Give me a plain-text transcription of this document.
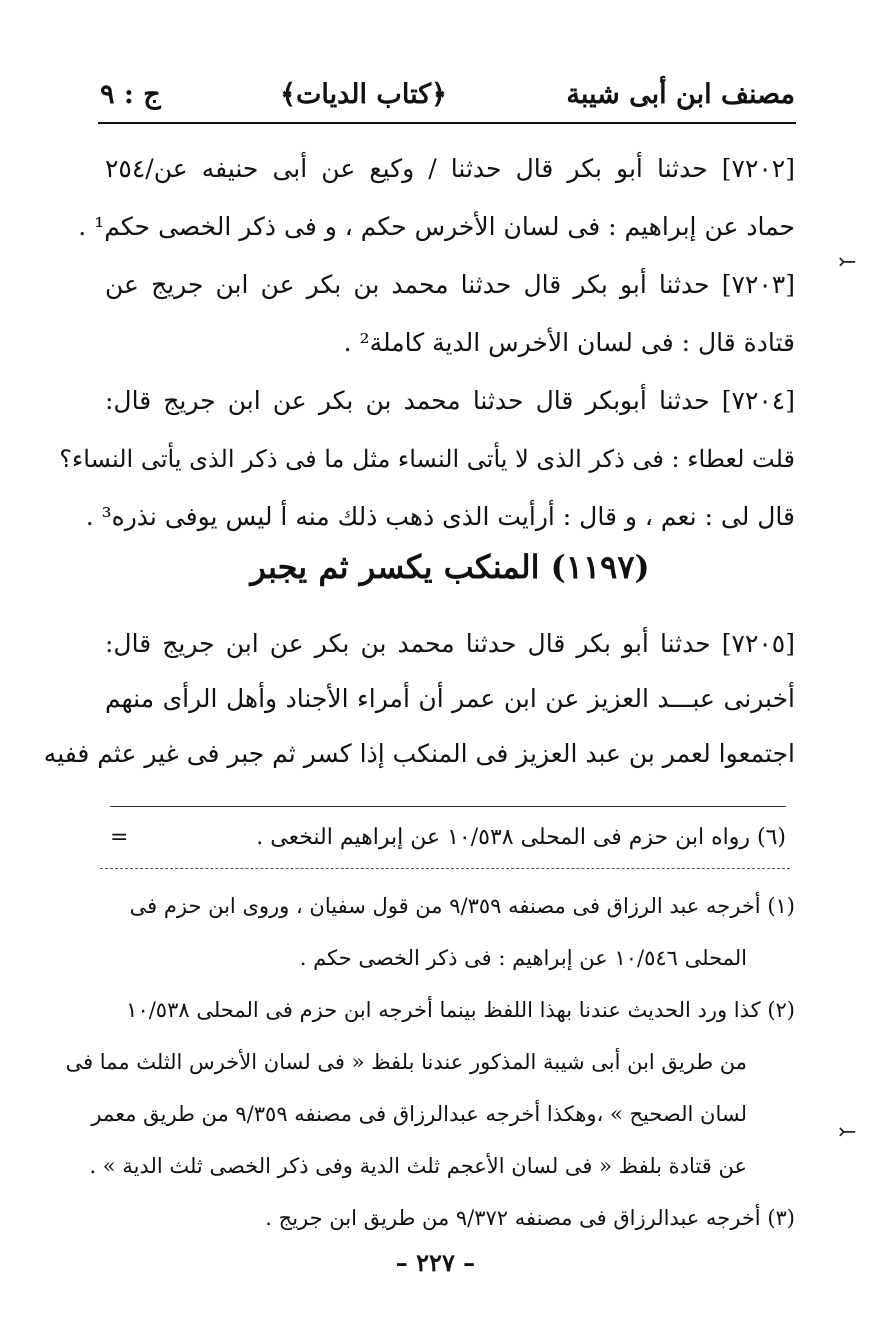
مصنف ابن أبى شيبة
﴿كتاب الديات﴾
ج : ٩
٢٥٤/ [٧٢٠٢] حدثنا أبو بكر قال حدثنا / وكيع عن أبى حنيفه عن
حماد عن إبراهيم : فى لسان الأخرس حكم ، و فى ذكر الخصى حكم¹ .
[٧٢٠٣] حدثنا أبو بكر قال حدثنا محمد بن بكر عن ابن جريج عن
قتادة قال : فى لسان الأخرس الدية كاملة² .
[٧٢٠٤] حدثنا أبوبكر قال حدثنا محمد بن بكر عن ابن جريج قال:
قلت لعطاء : فى ذكر الذى لا يأتى النساء مثل ما فى ذكر الذى يأتى النساء؟
قال لى : نعم ، و قال : أرأيت الذى ذهب ذلك منه أ ليس يوفى نذره³ .
(١١٩٧) المنكب يكسر ثم يجبر
[٧٢٠٥] حدثنا أبو بكر قال حدثنا محمد بن بكر عن ابن جريج قال:
أخبرنى عبـــد العزيز عن ابن عمر أن أمراء الأجناد وأهل الرأى منهم
اجتمعوا لعمر بن عبد العزيز فى المنكب إذا كسر ثم جبر فى غير عثم ففيه
=	(٦) رواه ابن حزم فى المحلى ١٠/٥٣٨ عن إبراهيم النخعى .
(١) أخرجه عبد الرزاق فى مصنفه ٩/٣٥٩ من قول سفيان ، وروى ابن حزم فى
المحلى ١٠/٥٤٦ عن إبراهيم : فى ذكر الخصى حكم .
(٢) كذا ورد الحديث عندنا بهذا اللفظ بينما أخرجه ابن حزم فى المحلى ١٠/٥٣٨
من طريق ابن أبى شيبة المذكور عندنا بلفظ « فى لسان الأخرس الثلث مما فى
لسان الصحيح » ،وهكذا أخرجه عبدالرزاق فى مصنفه ٩/٣٥٩ من طريق معمر
عن قتادة بلفظ « فى لسان الأعجم ثلث الدية وفى ذكر الخصى ثلث الدية » .
(٣) أخرجه عبدالرزاق فى مصنفه ٩/٣٧٢ من طريق ابن جريج .
– ٢٢٧ –
⤚
⤚
